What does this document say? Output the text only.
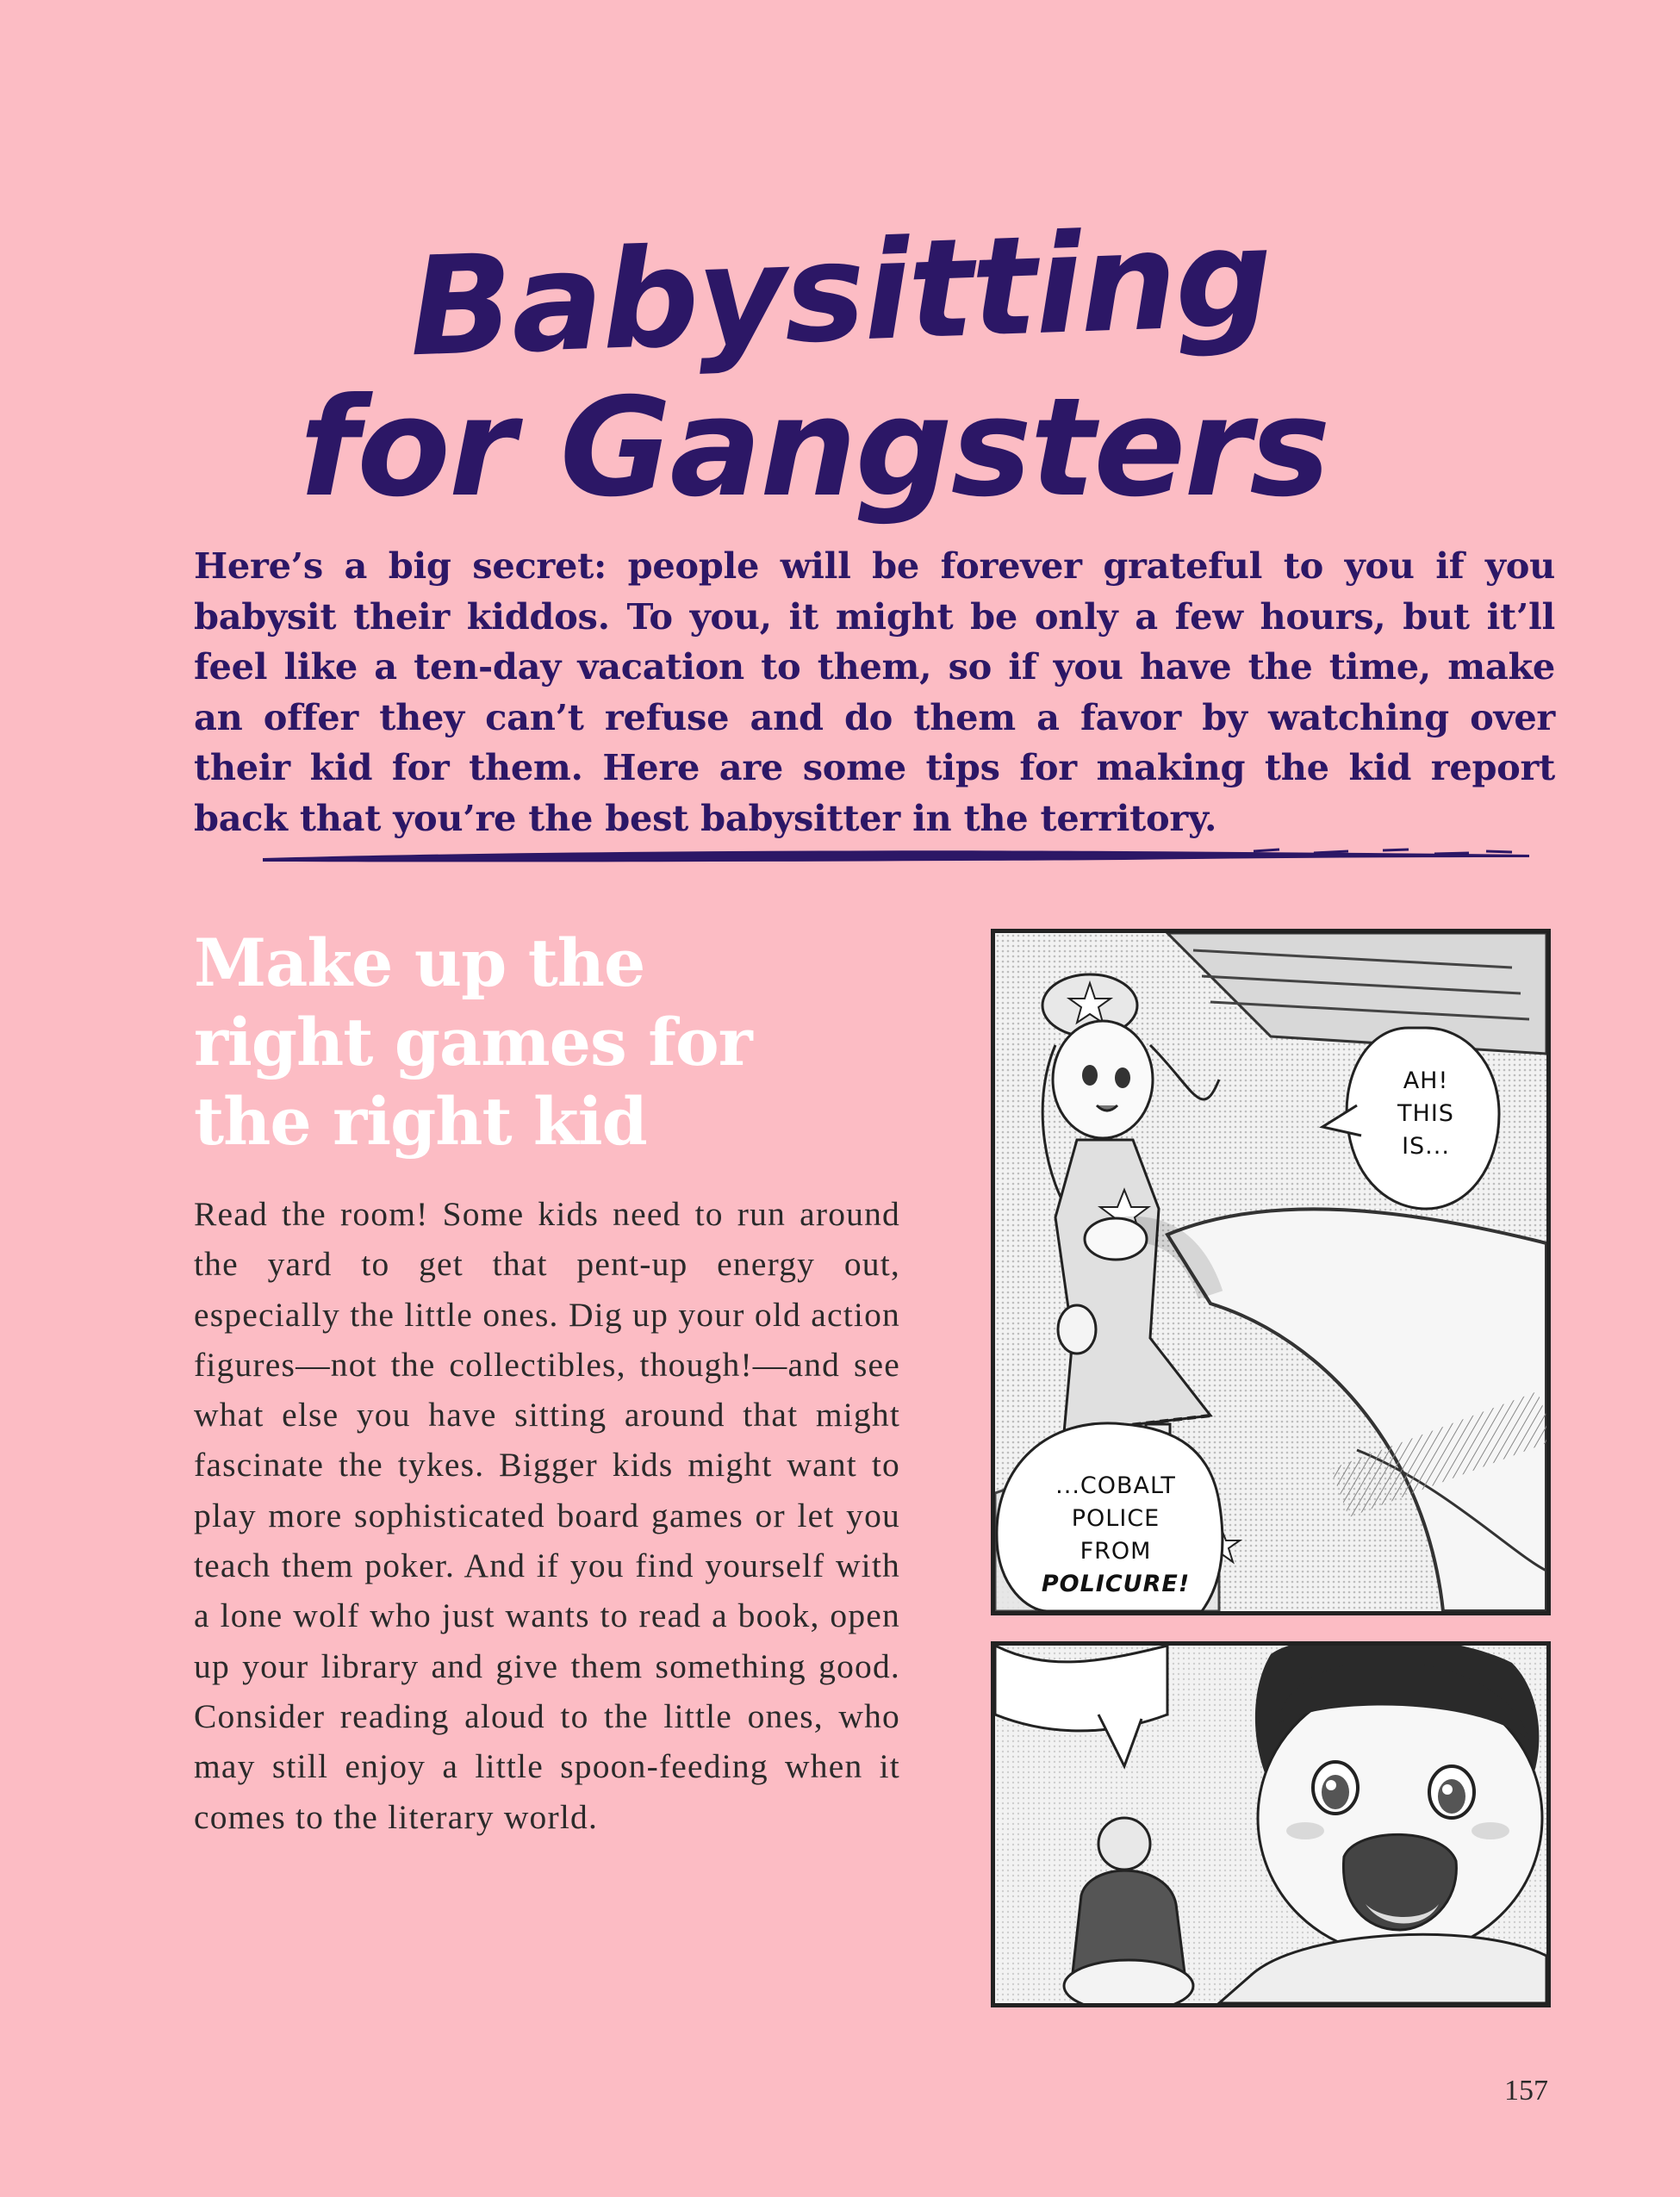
Babysitting
for Gangsters

Here’s a big secret: people will be forever grateful to you if you babysit their kiddos. To you, it might be only a few hours, but it’ll feel like a ten-day vacation to them, so if you have the time, make an offer they can’t refuse and do them a favor by watching over their kid for them. Here are some tips for making the kid report back that you’re the best babysitter in the territory.

Make up the
right games for
the right kid

Read the room! Some kids need to run around the yard to get that pent-up energy out, especially the little ones. Dig up your old action figures—not the collectibles, though!—and see what else you have sitting around that might fascinate the tykes. Bigger kids might want to play more sophisticated board games or let you teach them poker. And if you find yourself with a lone wolf who just wants to read a book, open up your library and give them something good. Consider reading aloud to the little ones, who may still enjoy a little spoon-feeding when it comes to the literary world.

AH!
THIS
IS...
...COBALT
POLICE
FROM
POLICURE!
157
